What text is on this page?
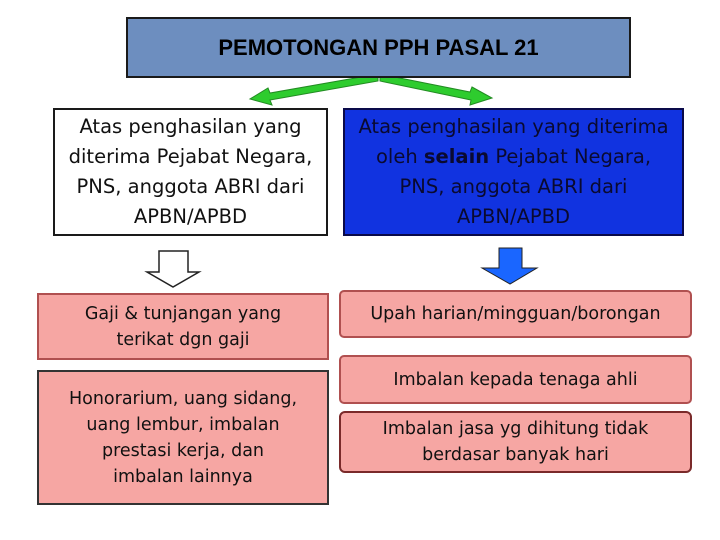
PEMOTONGAN PPH PASAL 21
Atas penghasilan yang
diterima Pejabat Negara,
PNS, anggota ABRI dari
APBN/APBD
Atas penghasilan yang diterima
oleh selain Pejabat Negara,
PNS, anggota ABRI dari
APBN/APBD
Gaji & tunjangan yang
terikat dgn gaji
Honorarium, uang sidang,
uang lembur, imbalan
prestasi kerja, dan
imbalan lainnya
Upah harian/mingguan/borongan
Imbalan kepada tenaga ahli
Imbalan jasa yg dihitung tidak
berdasar banyak hari
